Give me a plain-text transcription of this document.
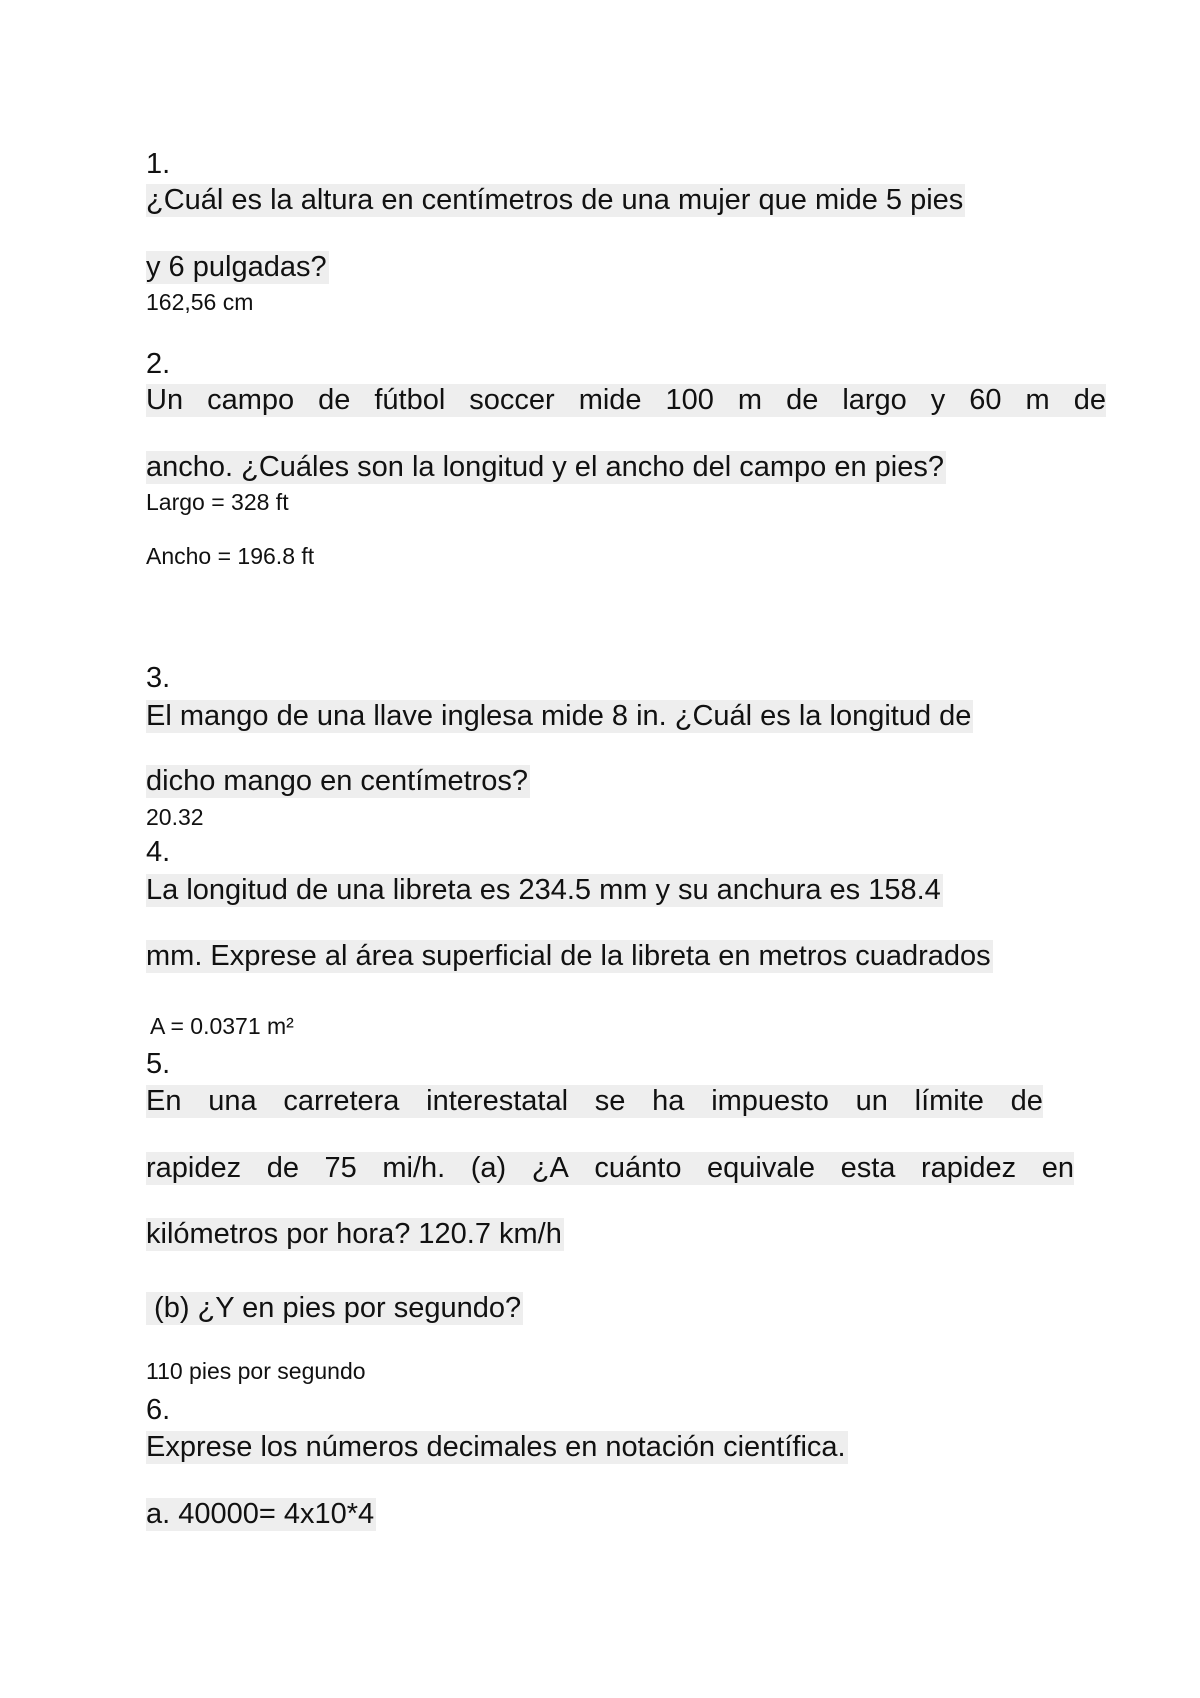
1.
¿Cuál es la altura en centímetros de una mujer que mide 5 pies
y 6 pulgadas?
162,56 cm
2.
Un campo de fútbol soccer mide 100 m de largo y 60 m de
ancho. ¿Cuáles son la longitud y el ancho del campo en pies?
Largo = 328 ft
Ancho = 196.8 ft
3.
El mango de una llave inglesa mide 8 in. ¿Cuál es la longitud de
dicho mango en centímetros?
20.32
4.
La longitud de una libreta es 234.5 mm y su anchura es 158.4
mm. Exprese al área superficial de la libreta en metros cuadrados
A = 0.0371 m²
5.
En una carretera interestatal se ha impuesto un límite de
rapidez de 75 mi/h. (a) ¿A cuánto equivale esta rapidez en
kilómetros por hora? 120.7 km/h
(b) ¿Y en pies por segundo?
110 pies por segundo
6.
Exprese los números decimales en notación científica.
a. 40000= 4x10*4
